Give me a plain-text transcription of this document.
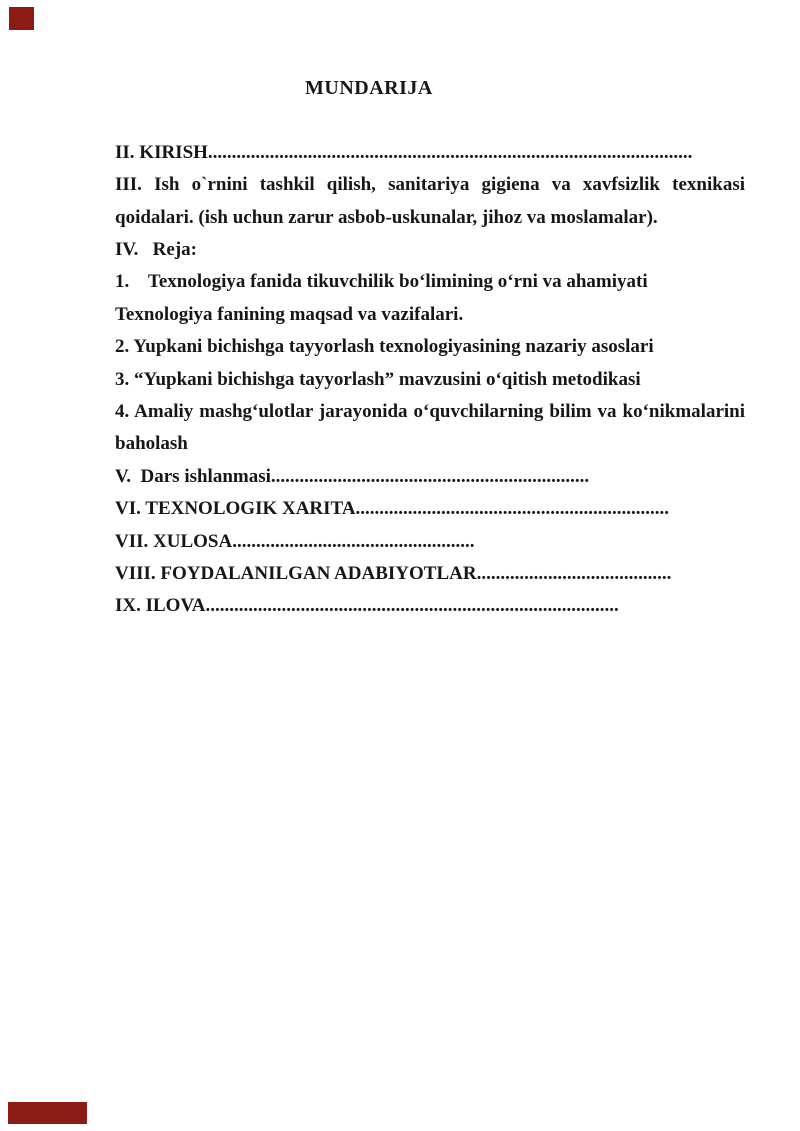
MUNDARIJA
II. KIRISH......................................................................................................
III. Ish o`rnini tashkil qilish, sanitariya gigiena va xavfsizlik texnikasi
qoidalari. (ish uchun zarur asbob-uskunalar, jihoz va moslamalar).
IV.   Reja:
1.    Texnologiya fanida tikuvchilik bo‘limining o‘rni va ahamiyati
Texnologiya fanining maqsad va vazifalari.
2. Yupkani bichishga tayyorlash texnologiyasining nazariy asoslari
3. “Yupkani bichishga tayyorlash” mavzusini o‘qitish metodikasi
4. Amaliy mashg‘ulotlar jarayonida o‘quvchilarning bilim va ko‘nikmalarini
baholash
V.  Dars ishlanmasi...................................................................
VI. TEXNOLOGIK XARITA..................................................................
VII. XULOSA...................................................
VIII. FOYDALANILGAN ADABIYOTLAR.........................................
IX. ILOVA.......................................................................................
